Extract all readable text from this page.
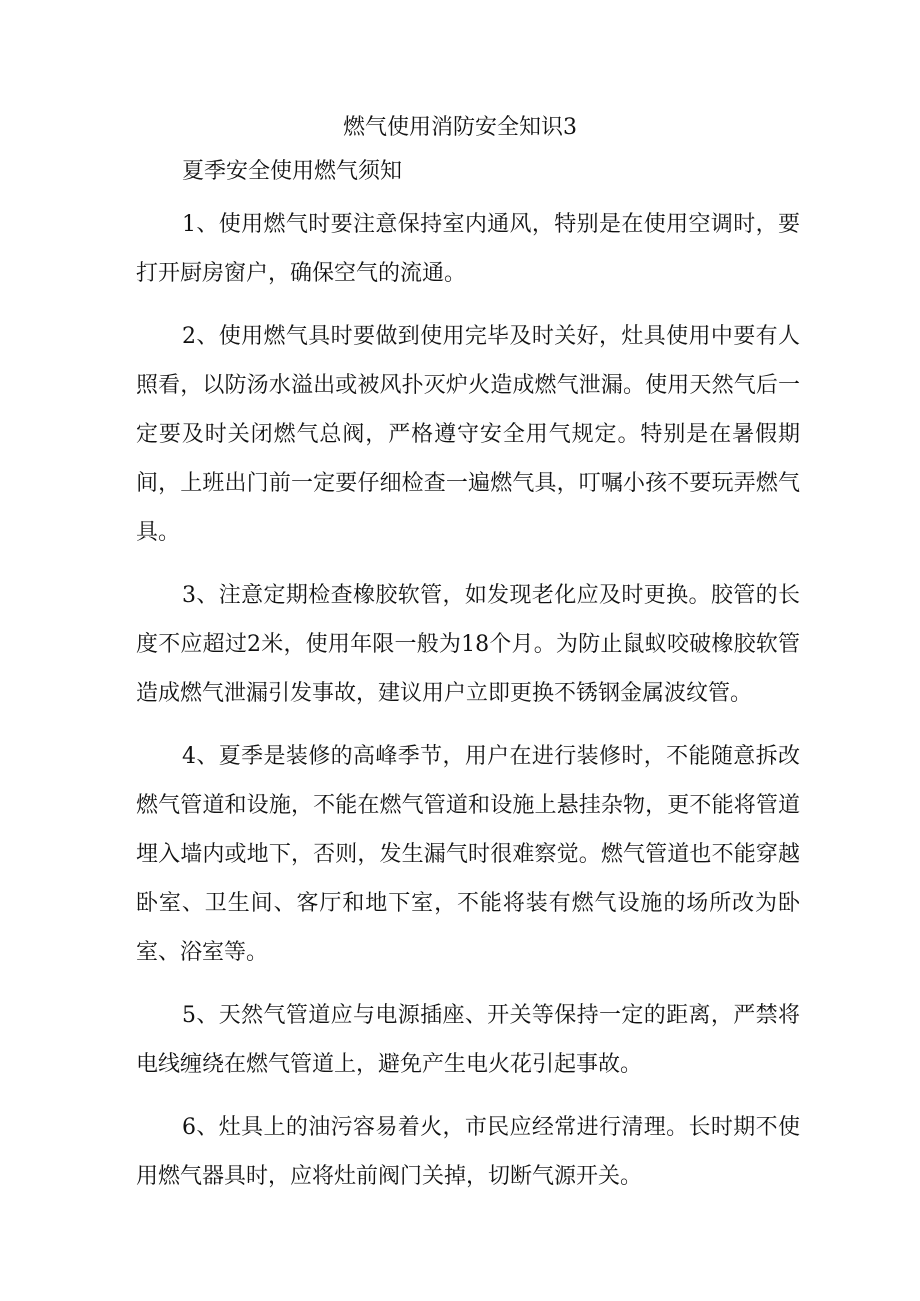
燃气使用消防安全知识3

夏季安全使用燃气须知

1、使用燃气时要注意保持室内通风，特别是在使用空调时，要打开厨房窗户，确保空气的流通。

2、使用燃气具时要做到使用完毕及时关好，灶具使用中要有人照看，以防汤水溢出或被风扑灭炉火造成燃气泄漏。使用天然气后一定要及时关闭燃气总阀，严格遵守安全用气规定。特别是在暑假期间，上班出门前一定要仔细检查一遍燃气具，叮嘱小孩不要玩弄燃气具。

3、注意定期检查橡胶软管，如发现老化应及时更换。胶管的长度不应超过2米，使用年限一般为18个月。为防止鼠蚁咬破橡胶软管造成燃气泄漏引发事故，建议用户立即更换不锈钢金属波纹管。

4、夏季是装修的高峰季节，用户在进行装修时，不能随意拆改燃气管道和设施，不能在燃气管道和设施上悬挂杂物，更不能将管道埋入墙内或地下，否则，发生漏气时很难察觉。燃气管道也不能穿越卧室、卫生间、客厅和地下室，不能将装有燃气设施的场所改为卧室、浴室等。

5、天然气管道应与电源插座、开关等保持一定的距离，严禁将电线缠绕在燃气管道上，避免产生电火花引起事故。

6、灶具上的油污容易着火，市民应经常进行清理。长时期不使用燃气器具时，应将灶前阀门关掉，切断气源开关。
